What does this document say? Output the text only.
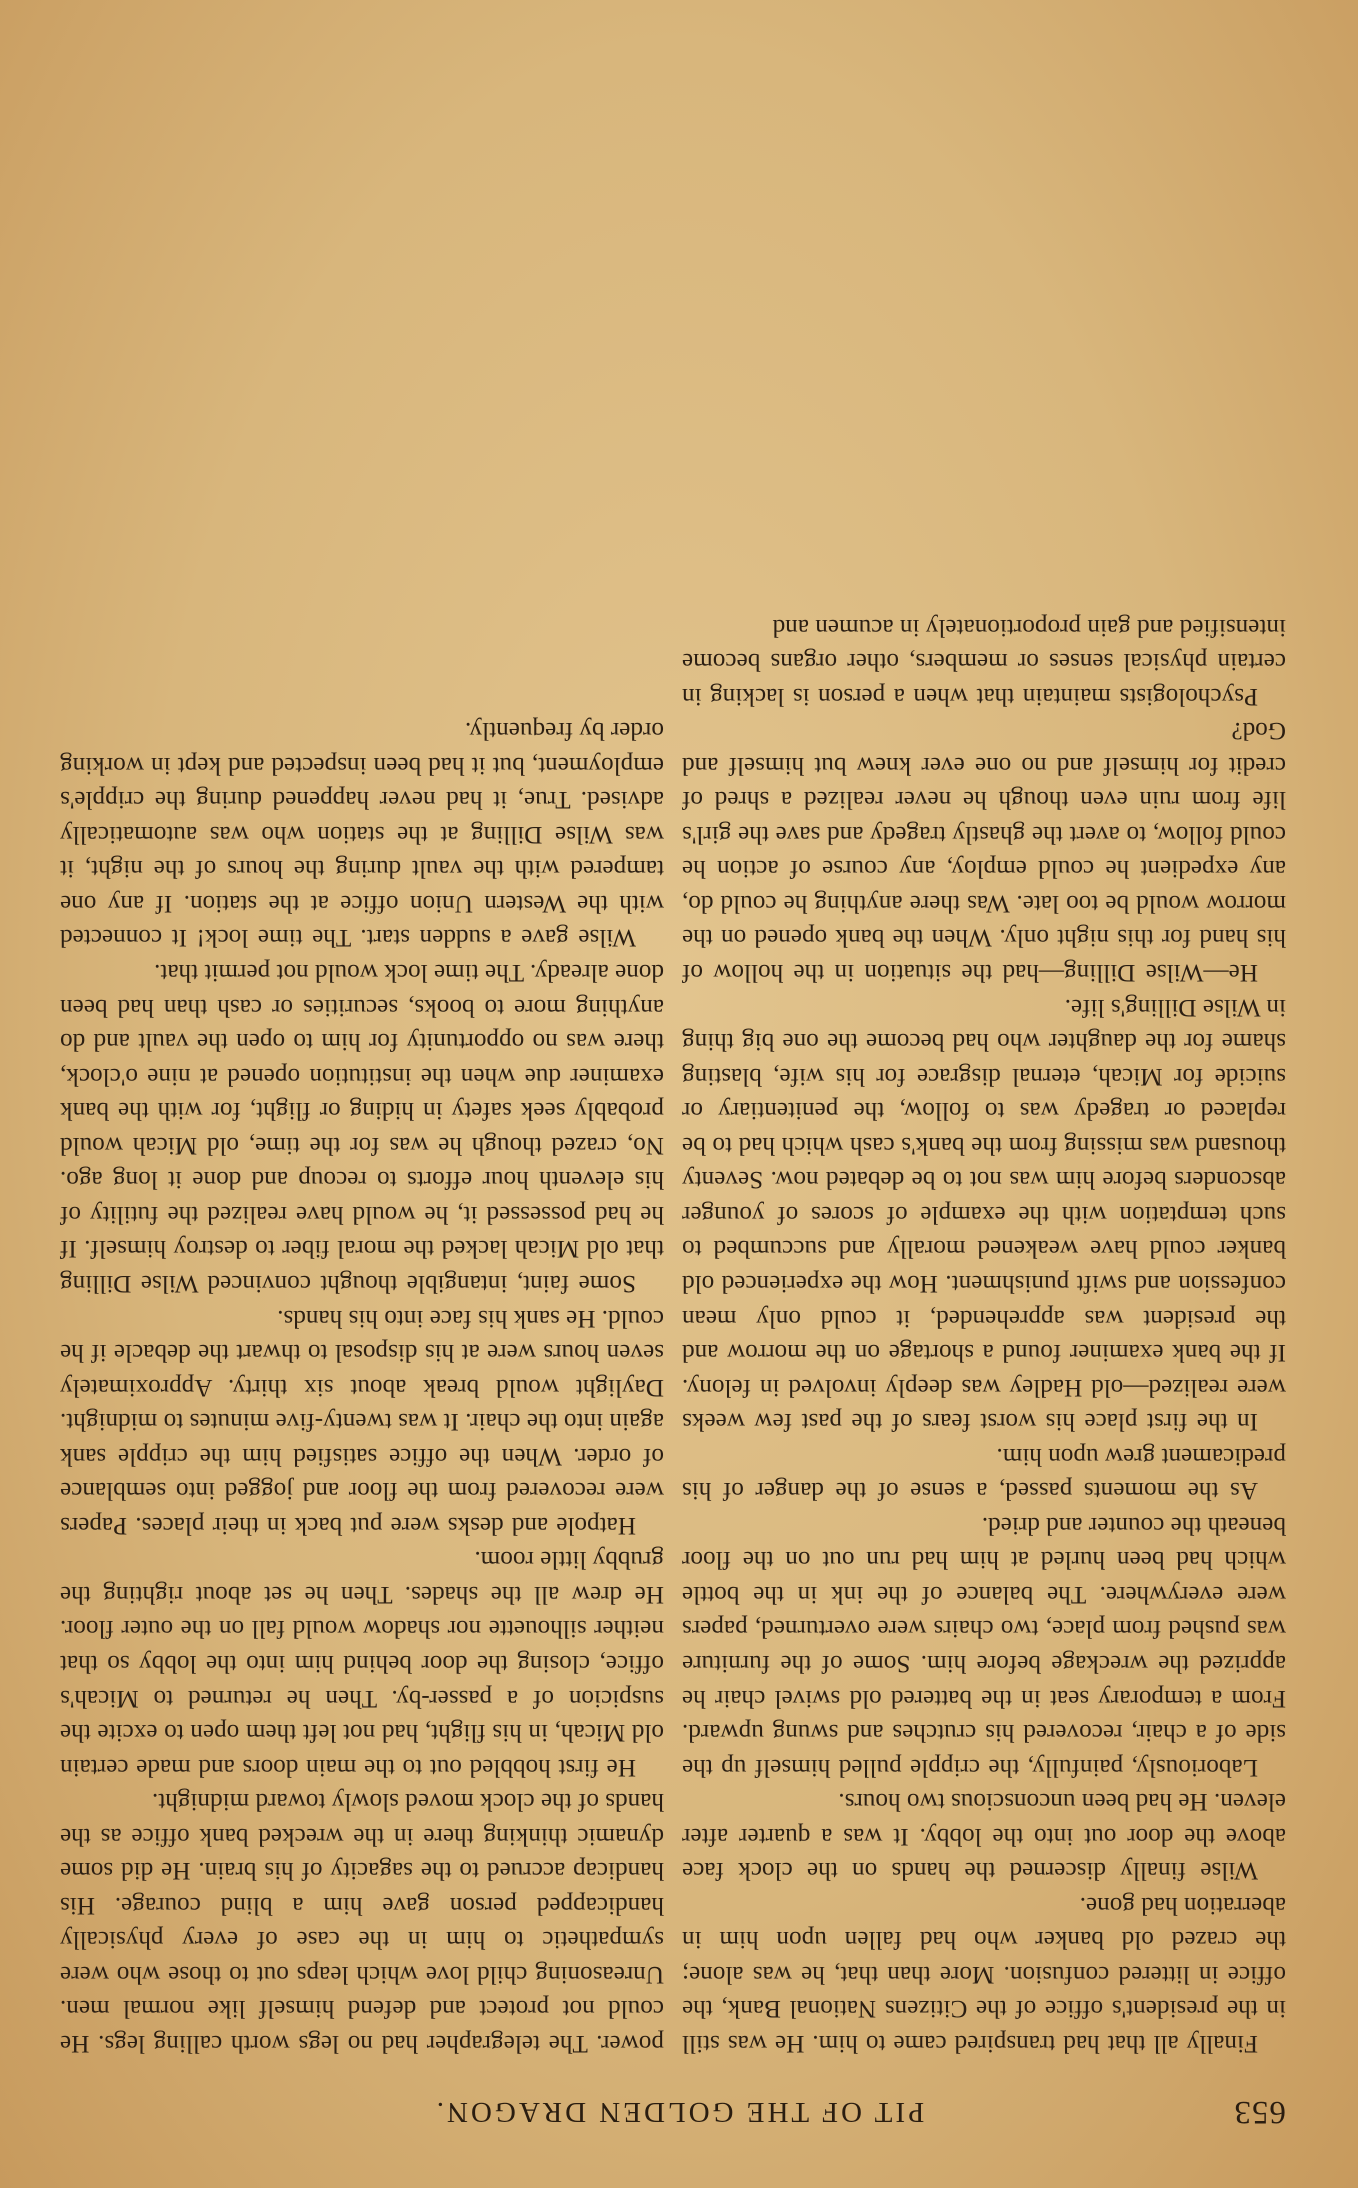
PIT OF THE GOLDEN DRAGON.	653

Finally all that had transpired came to him. He was still in the president's office of the Citizens National Bank, the office in littered confusion. More than that, he was alone; the crazed old banker who had fallen upon him in aberration had gone.

Wilse finally discerned the hands on the clock face above the door out into the lobby. It was a quarter after eleven. He had been unconscious two hours.

Laboriously, painfully, the cripple pulled himself up the side of a chair, recovered his crutches and swung upward. From a temporary seat in the battered old swivel chair he apprized the wreckage before him. Some of the furniture was pushed from place, two chairs were overturned, papers were everywhere. The balance of the ink in the bottle which had been hurled at him had run out on the floor beneath the counter and dried.

As the moments passed, a sense of the danger of his predicament grew upon him.

In the first place his worst fears of the past few weeks were realized—old Hadley was deeply involved in felony. If the bank examiner found a shortage on the morrow and the president was apprehended, it could only mean confession and swift punishment. How the experienced old banker could have weakened morally and succumbed to such temptation with the example of scores of younger absconders before him was not to be debated now. Seventy thousand was missing from the bank's cash which had to be replaced or tragedy was to follow, the penitentiary or suicide for Micah, eternal disgrace for his wife, blasting shame for the daughter who had become the one big thing in Wilse Dilling's life.

He—Wilse Dilling—had the situation in the hollow of his hand for this night only. When the bank opened on the morrow would be too late. Was there anything he could do, any expedient he could employ, any course of action he could follow, to avert the ghastly tragedy and save the girl's life from ruin even though he never realized a shred of credit for himself and no one ever knew but himself and God?

Psychologists maintain that when a person is lacking in certain physical senses or members, other organs become intensified and gain proportionately in acumen and

power. The telegrapher had no legs worth calling legs. He could not protect and defend himself like normal men. Unreasoning child love which leaps out to those who were sympathetic to him in the case of every physically handicapped person gave him a blind courage. His handicap accrued to the sagacity of his brain. He did some dynamic thinking there in the wrecked bank office as the hands of the clock moved slowly toward midnight.

He first hobbled out to the main doors and made certain old Micah, in his flight, had not left them open to excite the suspicion of a passer-by. Then he returned to Micah's office, closing the door behind him into the lobby so that neither silhouette nor shadow would fall on the outer floor. He drew all the shades. Then he set about righting the grubby little room.

Hatpole and desks were put back in their places. Papers were recovered from the floor and jogged into semblance of order. When the office satisfied him the cripple sank again into the chair. It was twenty-five minutes to midnight. Daylight would break about six thirty. Approximately seven hours were at his disposal to thwart the debacle if he could. He sank his face into his hands.

Some faint, intangible thought convinced Wilse Dilling that old Micah lacked the moral fiber to destroy himself. If he had possessed it, he would have realized the futility of his eleventh hour efforts to recoup and done it long ago. No, crazed though he was for the time, old Micah would probably seek safety in hiding or flight, for with the bank examiner due when the institution opened at nine o'clock, there was no opportunity for him to open the vault and do anything more to books, securities or cash than had been done already. The time lock would not permit that.

Wilse gave a sudden start. The time lock! It connected with the Western Union office at the station. If any one tampered with the vault during the hours of the night, it was Wilse Dilling at the station who was automatically advised. True, it had never happened during the cripple's employment, but it had been inspected and kept in working order by frequently.
